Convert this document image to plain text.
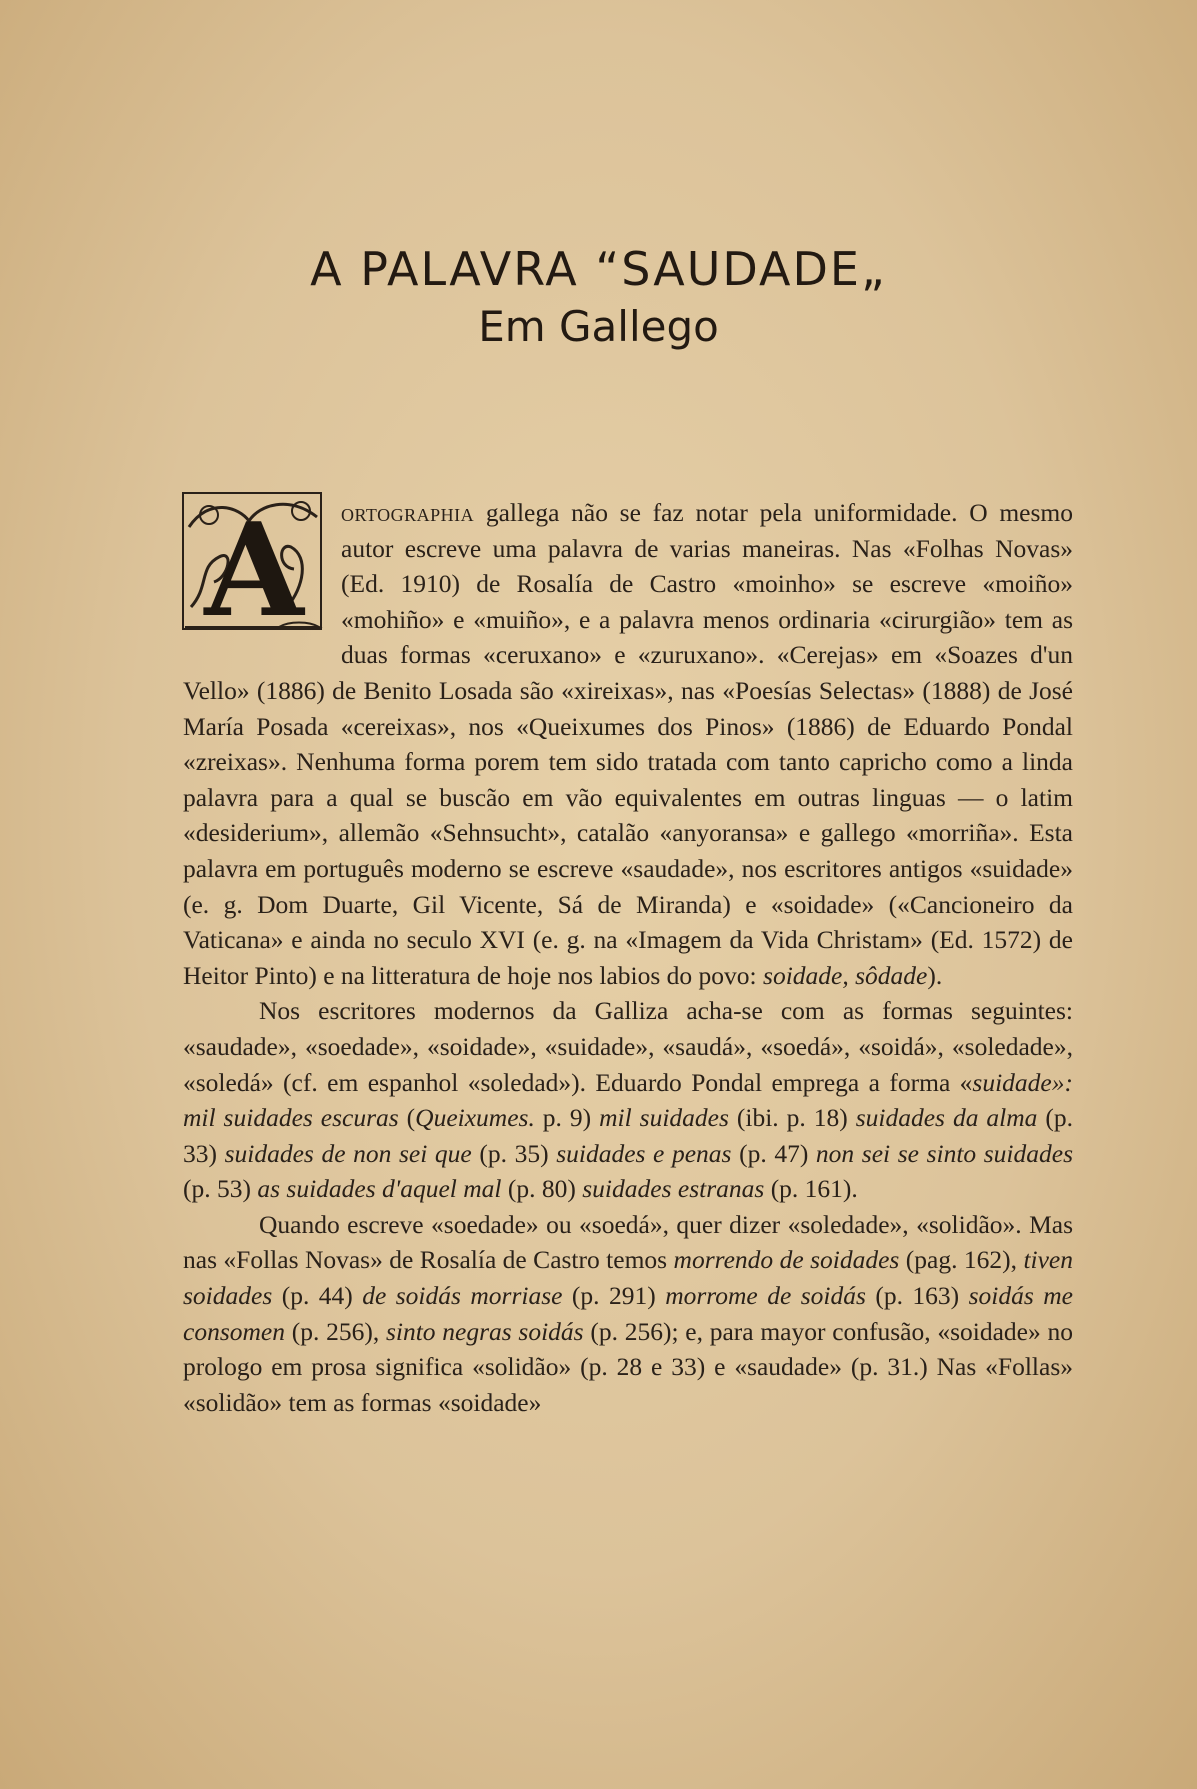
A PALAVRA “SAUDADE„
Em Gallego

A ortographia gallega não se faz notar pela uniformidade. O mesmo autor escreve uma palavra de varias maneiras. Nas «Folhas Novas» (Ed. 1910) de Rosalía de Castro «moinho» se escreve «moiño» «mohiño» e «muiño», e a palavra menos ordinaria «cirurgião» tem as duas formas «ceruxano» e «zuruxano». «Cerejas» em «Soazes d'un Vello» (1886) de Benito Losada são «xireixas», nas «Poesías Selectas» (1888) de José María Posada «cereixas», nos «Queixumes dos Pinos» (1886) de Eduardo Pondal «zreixas». Nenhuma forma porem tem sido tratada com tanto capricho como a linda palavra para a qual se buscão em vão equivalentes em outras linguas — o latim «desiderium», allemão «Sehnsucht», catalão «anyoransa» e gallego «morriña». Esta palavra em português moderno se escreve «saudade», nos escritores antigos «suidade» (e. g. Dom Duarte, Gil Vicente, Sá de Miranda) e «soidade» («Cancioneiro da Vaticana» e ainda no seculo XVI (e. g. na «Imagem da Vida Christam» (Ed. 1572) de Heitor Pinto) e na litteratura de hoje nos labios do povo: soidade, sôdade).

Nos escritores modernos da Galliza acha-se com as formas seguintes: «saudade», «soedade», «soidade», «suidade», «saudá», «soedá», «soidá», «soledade», «soledá» (cf. em espanhol «soledad»). Eduardo Pondal emprega a forma «suidade»: mil suidades escuras (Queixumes. p. 9) mil suidades (ibi. p. 18) suidades da alma (p. 33) suidades de non sei que (p. 35) suidades e penas (p. 47) non sei se sinto suidades (p. 53) as suidades d'aquel mal (p. 80) suidades estranas (p. 161).

Quando escreve «soedade» ou «soedá», quer dizer «soledade», «solidão». Mas nas «Follas Novas» de Rosalía de Castro temos morrendo de soidades (pag. 162), tiven soidades (p. 44) de soidás morriase (p. 291) morrome de soidás (p. 163) soidás me consomen (p. 256), sinto negras soidás (p. 256); e, para mayor confusão, «soidade» no prologo em prosa significa «solidão» (p. 28 e 33) e «saudade» (p. 31.) Nas «Follas» «solidão» tem as formas «soidade»
